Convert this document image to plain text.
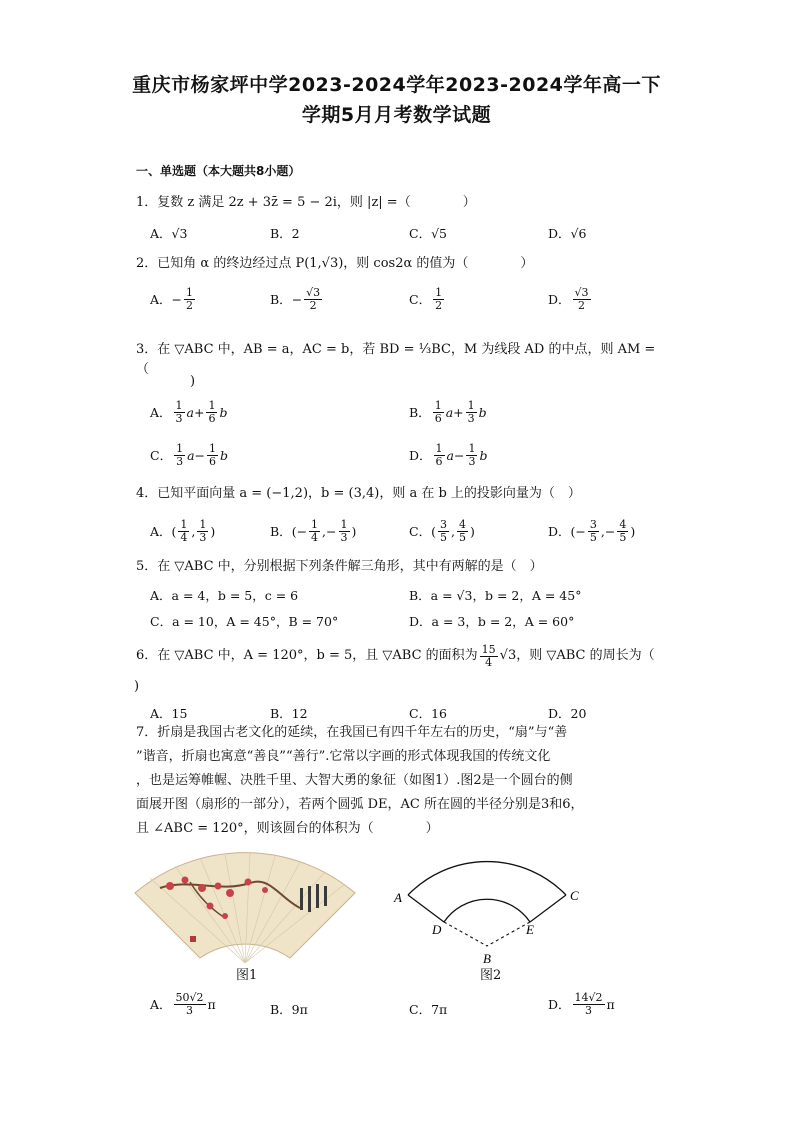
重庆市杨家坪中学2023-2024学年2023-2024学年高一下
学期5月月考数学试题
一、单选题（本大题共8小题）
1．复数 z 满足 2z + 3z̄ = 5 − 2i，则 |z| =（　　　　）
A．√3	B．2	C．√5	D．√6
2．已知角 α 的终边经过点 P(1,√3)，则 cos2α 的值为（　　　　）
A． − $\frac{1}{2}$	B． − $\frac{√3}{2}$	C． $\frac{1}{2}$	D． $\frac{√3}{2}$
3．在 ▽ABC 中，AB = a，AC = b，若 BD = ⅓BC，M 为线段 AD 的中点，则 AM =（
)
A． $\frac{1}{3}$ $a + \frac{1}{6}$ b	B． $\frac{1}{6}$ $a + \frac{1}{3}$ b
C． $\frac{1}{3}$ $a - \frac{1}{6}$ b	D． $\frac{1}{6}$ $a - \frac{1}{3}$ b
4．已知平面向量 a = (−1,2)，b = (3,4)，则 a 在 b 上的投影向量为（　）
A． ( $\frac{1}{4}$ , $\frac{1}{3}$ )	B． (− $\frac{1}{4}$ ,− $\frac{1}{3}$ )	C． ( $\frac{3}{5}$ , $\frac{4}{5}$ )	D． (− $\frac{3}{5}$ ,− $\frac{4}{5}$ )
5．在 ▽ABC 中，分别根据下列条件解三角形，其中有两解的是（　）
A．a = 4，b = 5，c = 6	B．a = √3，b = 2，A = 45°
C．a = 10，A = 45°，B = 70°	D．a = 3，b = 2，A = 60°
6．在 ▽ABC 中，A = 120°，b = 5，且 ▽ABC 的面积为 $\frac{15}{4} √3$ ，则 ▽ABC 的周长为（
)
A．15	B．12	C．16	D．20
7．折扇是我国古老文化的延续，在我国已有四千年左右的历史，“扇”与“善
”谐音，折扇也寓意“善良”“善行”.它常以字画的形式体现我国的传统文化
，也是运筹帷幄、决胜千里、大智大勇的象征（如图1）.图2是一个圆台的侧
面展开图（扇形的一部分），若两个圆弧 DE，AC 所在圆的半径分别是3和6，
且 ∠ABC = 120°，则该圆台的体积为（　　　　）
图1
A
B
C
D	E
图2
A． $\frac{50√2}{3}$ π	B．9π	C．7π	D． $\frac{14√2}{3}$ π
